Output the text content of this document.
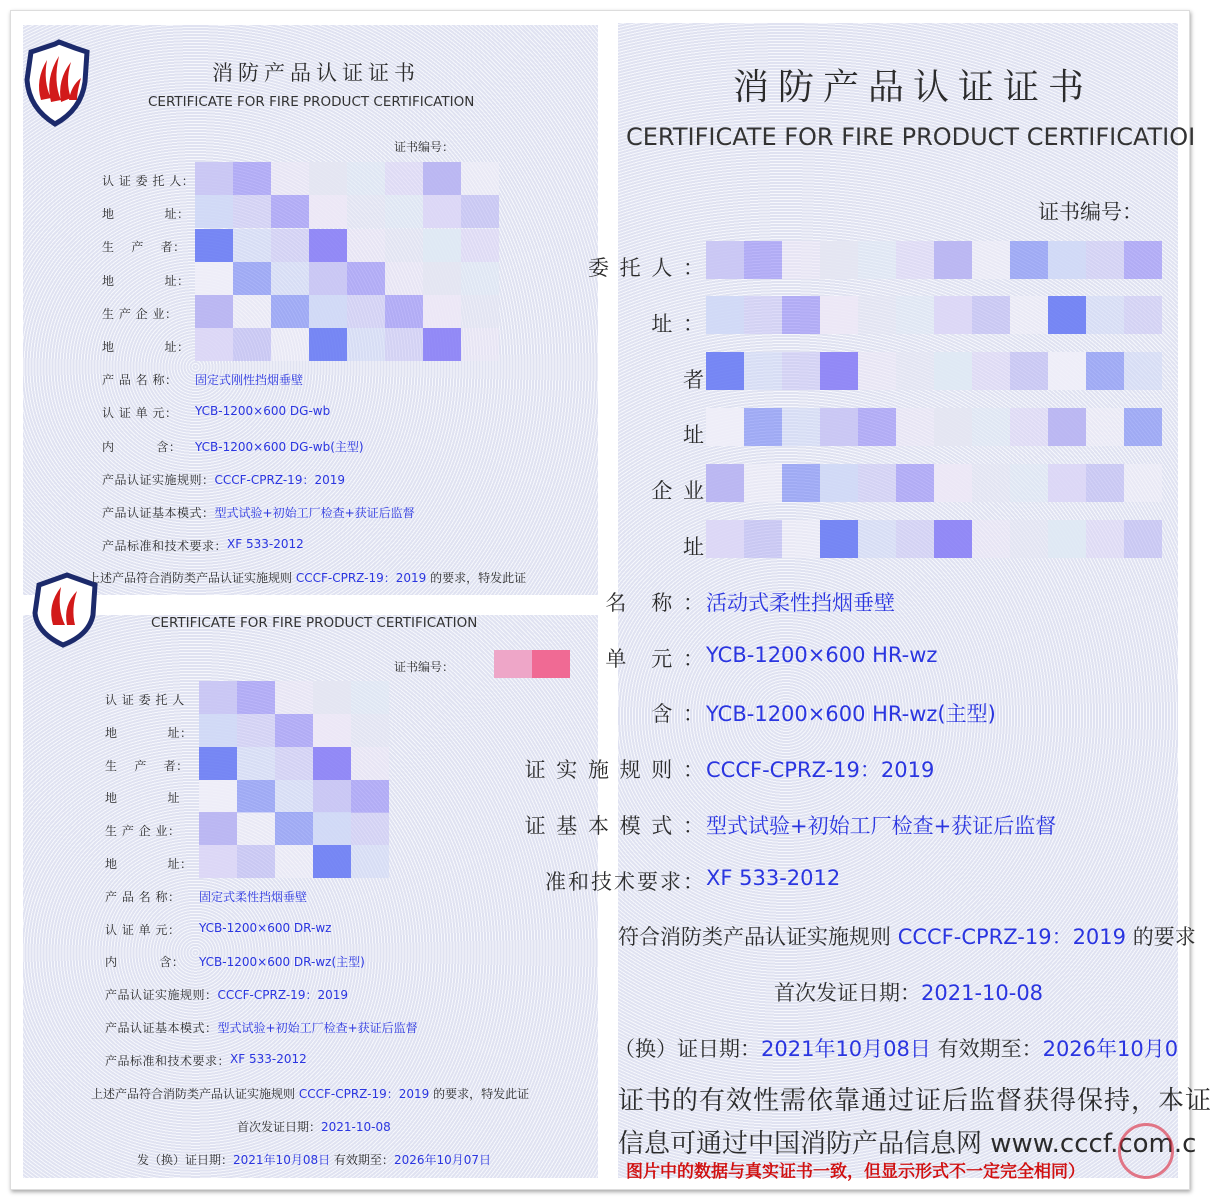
消防产品认证证书
CERTIFICATE FOR FIRE PRODUCT CERTIFICATION
证书编号：
认 证 委 托 人：
地　　　　址：
生　 产　 者：
地　　　　址：
生 产 企 业：
地　　　　址：
产 品 名 称：	固定式刚性挡烟垂壁
认 证 单 元：	YCB-1200×600 DG-wb
内　　　 含：	YCB-1200×600 DG-wb(主型)
产品认证实施规则： CCCF-CPRZ-19：2019
产品认证基本模式： 型式试验+初始工厂检查+获证后监督
产品标准和技术要求： XF 533-2012
上述产品符合消防类产品认证实施规则 CCCF-CPRZ-19：2019 的要求，特发此证
CERTIFICATE FOR FIRE PRODUCT CERTIFICATION
证书编号：
认 证 委 托 人
地　　　　址：
生　 产　 者：
地　　　　址
生 产 企 业：
地　　　　址：
产 品 名 称：	固定式柔性挡烟垂壁
认 证 单 元：	YCB-1200×600 DR-wz
内　　　 含：	YCB-1200×600 DR-wz(主型)
产品认证实施规则： CCCF-CPRZ-19：2019
产品认证基本模式： 型式试验+初始工厂检查+获证后监督
产品标准和技术要求： XF 533-2012
上述产品符合消防类产品认证实施规则 CCCF-CPRZ-19：2019 的要求，特发此证
首次发证日期：2021-10-08
发（换）证日期：2021年10月08日 有效期至：2026年10月07日
消防产品认证证书
CERTIFICATE FOR FIRE PRODUCT CERTIFICATIOI
证书编号：
委 托 人 ：
址 ：
者
址
企 业
址
名　称 ： 活动式柔性挡烟垂壁
单　元 ： YCB-1200×600 HR-wz
含 ： YCB-1200×600 HR-wz(主型)
证 实 施 规 则 ： CCCF-CPRZ-19：2019
证 基 本 模 式 ： 型式试验+初始工厂检查+获证后监督
准和技术要求： XF 533-2012
符合消防类产品认证实施规则 CCCF-CPRZ-19：2019 的要求
首次发证日期：2021-10-08
（换）证日期：2021年10月08日 有效期至：2026年10月0
证书的有效性需依靠通过证后监督获得保持，本证
信息可通过中国消防产品信息网 www.cccf.com.c
图片中的数据与真实证书一致，但显示形式不一定完全相同）
